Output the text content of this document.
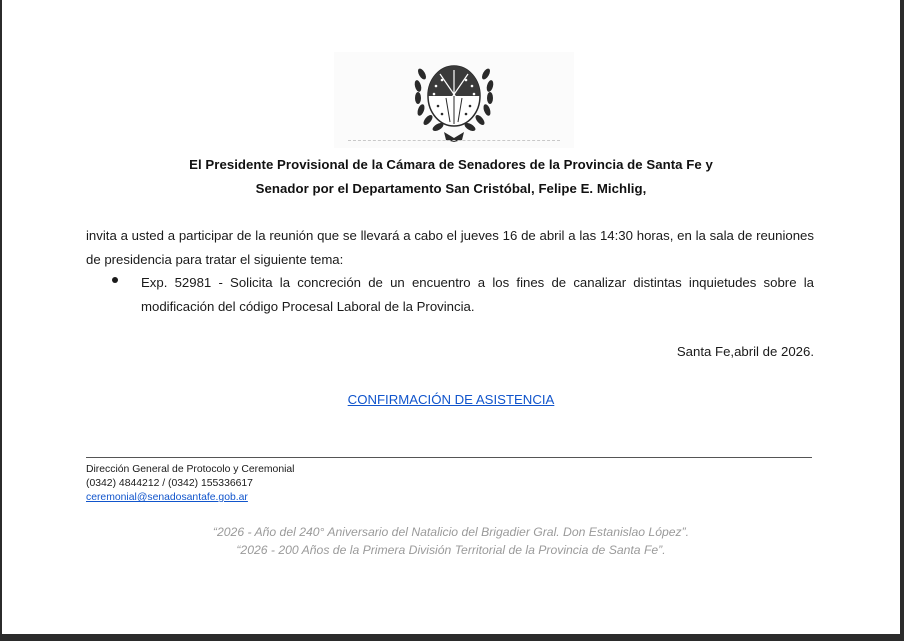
El Presidente Provisional de la Cámara de Senadores de la Provincia de Santa Fe y
Senador por el Departamento San Cristóbal, Felipe E. Michlig,
invita a usted a participar de la reunión que se llevará a cabo el jueves 16 de abril a las 14:30 horas, en la sala de reuniones de presidencia para tratar el siguiente tema:
Exp. 52981 - Solicita la concreción de un encuentro a los fines de canalizar distintas inquietudes sobre la modificación del código Procesal Laboral de la Provincia.
Santa Fe,abril de 2026.
CONFIRMACIÓN DE ASISTENCIA
Dirección General de Protocolo y Ceremonial
(0342) 4844212 / (0342) 155336617
ceremonial@senadosantafe.gob.ar
“2026 - Año del 240° Aniversario del Natalicio del Brigadier Gral. Don Estanislao López”.
“2026 - 200 Años de la Primera División Territorial de la Provincia de Santa Fe”.
